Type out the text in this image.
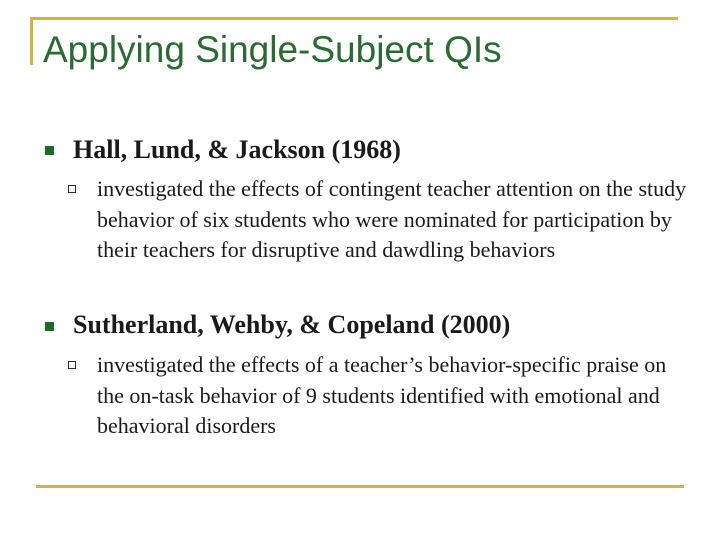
Applying Single-Subject QIs
Hall, Lund, & Jackson (1968)
investigated the effects of contingent teacher attention on the study behavior of six students who were nominated for participation by their teachers for disruptive and dawdling behaviors
Sutherland, Wehby, & Copeland (2000)
investigated the effects of a teacher’s behavior-specific praise on the on-task behavior of 9 students identified with emotional and behavioral disorders
